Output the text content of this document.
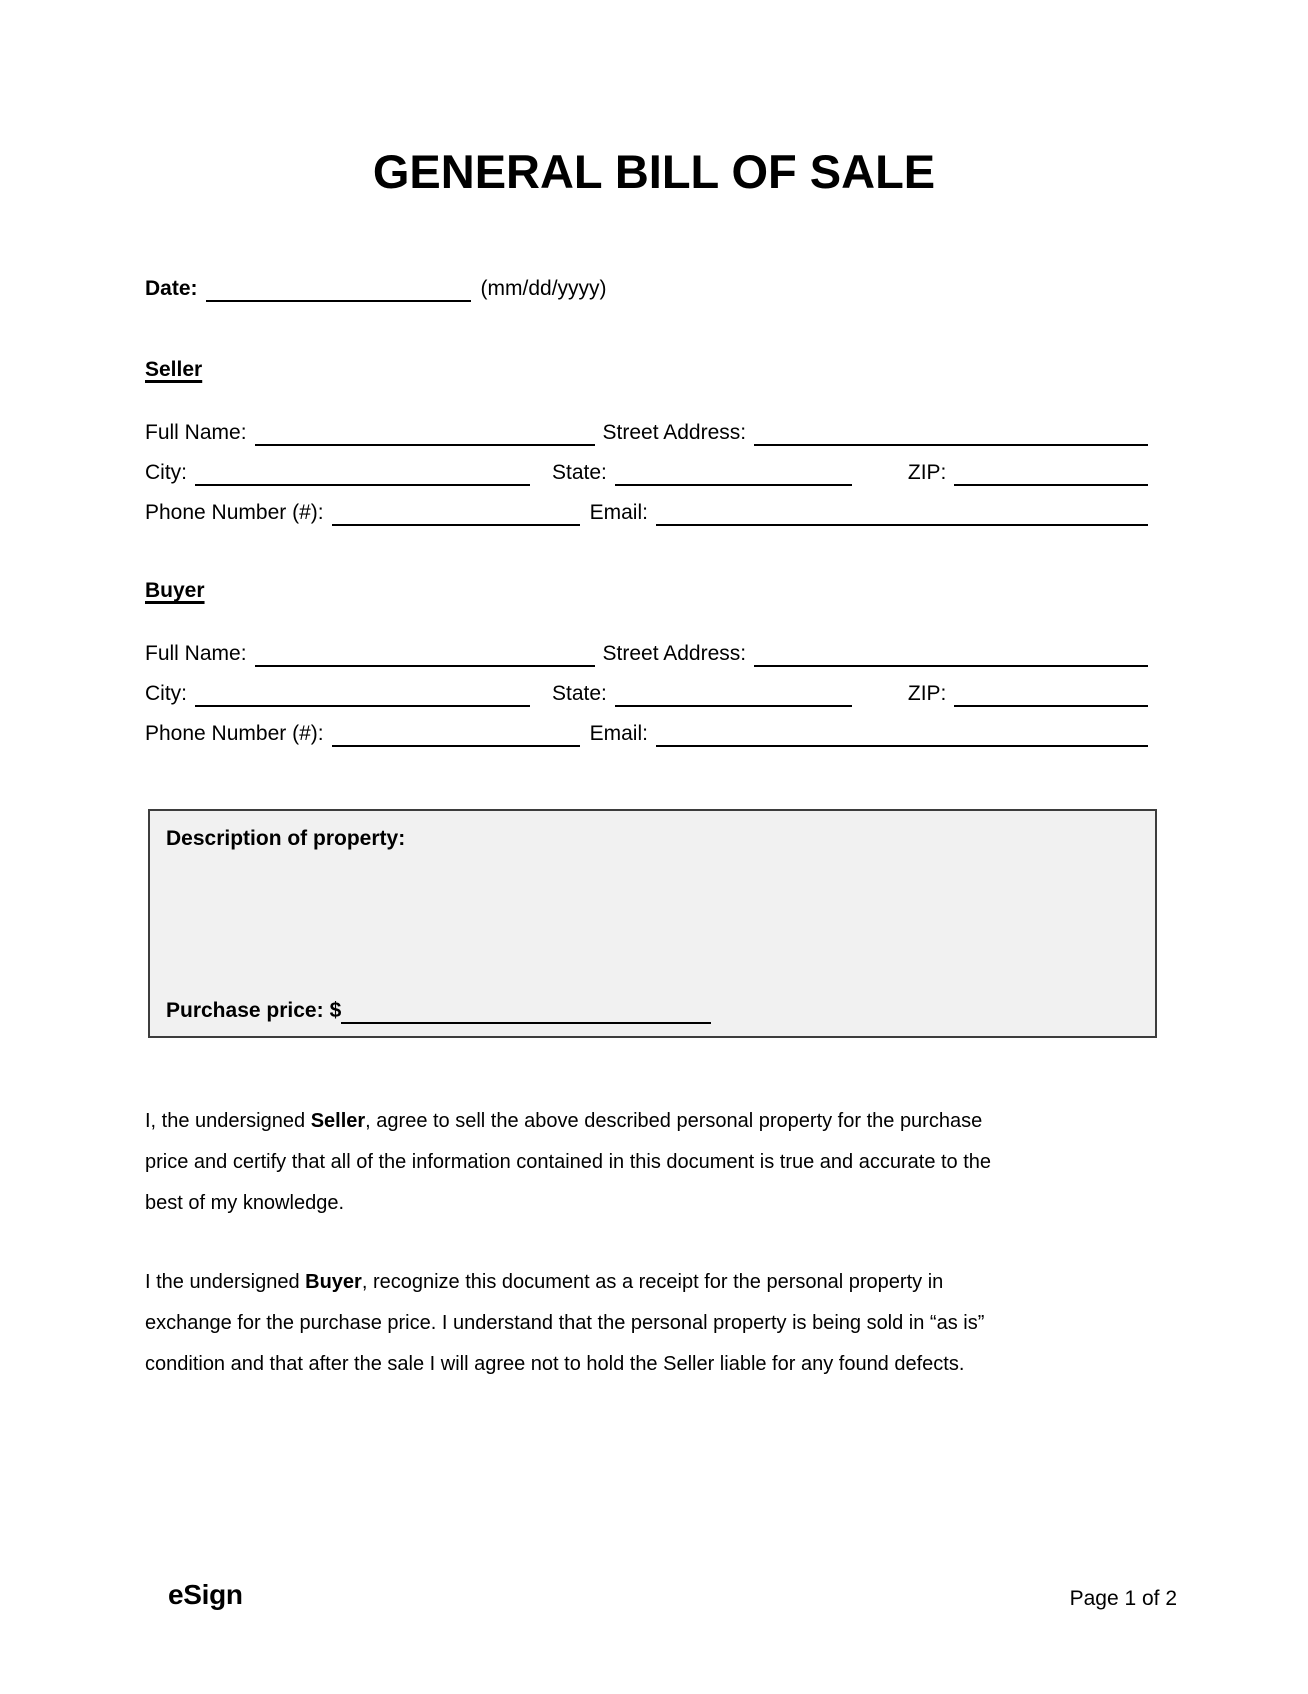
GENERAL BILL OF SALE
Date:	(mm/dd/yyyy)
Seller
Full Name:	Street Address:
City:	State:	ZIP:
Phone Number (#):	Email:
Buyer
Full Name:	Street Address:
City:	State:	ZIP:
Phone Number (#):	Email:
Description of property:
Purchase price: $
I, the undersigned Seller, agree to sell the above described personal property for the purchase
price and certify that all of the information contained in this document is true and accurate to the
best of my knowledge.
I the undersigned Buyer, recognize this document as a receipt for the personal property in
exchange for the purchase price. I understand that the personal property is being sold in “as is”
condition and that after the sale I will agree not to hold the Seller liable for any found defects.
eSign	Page 1 of 2
